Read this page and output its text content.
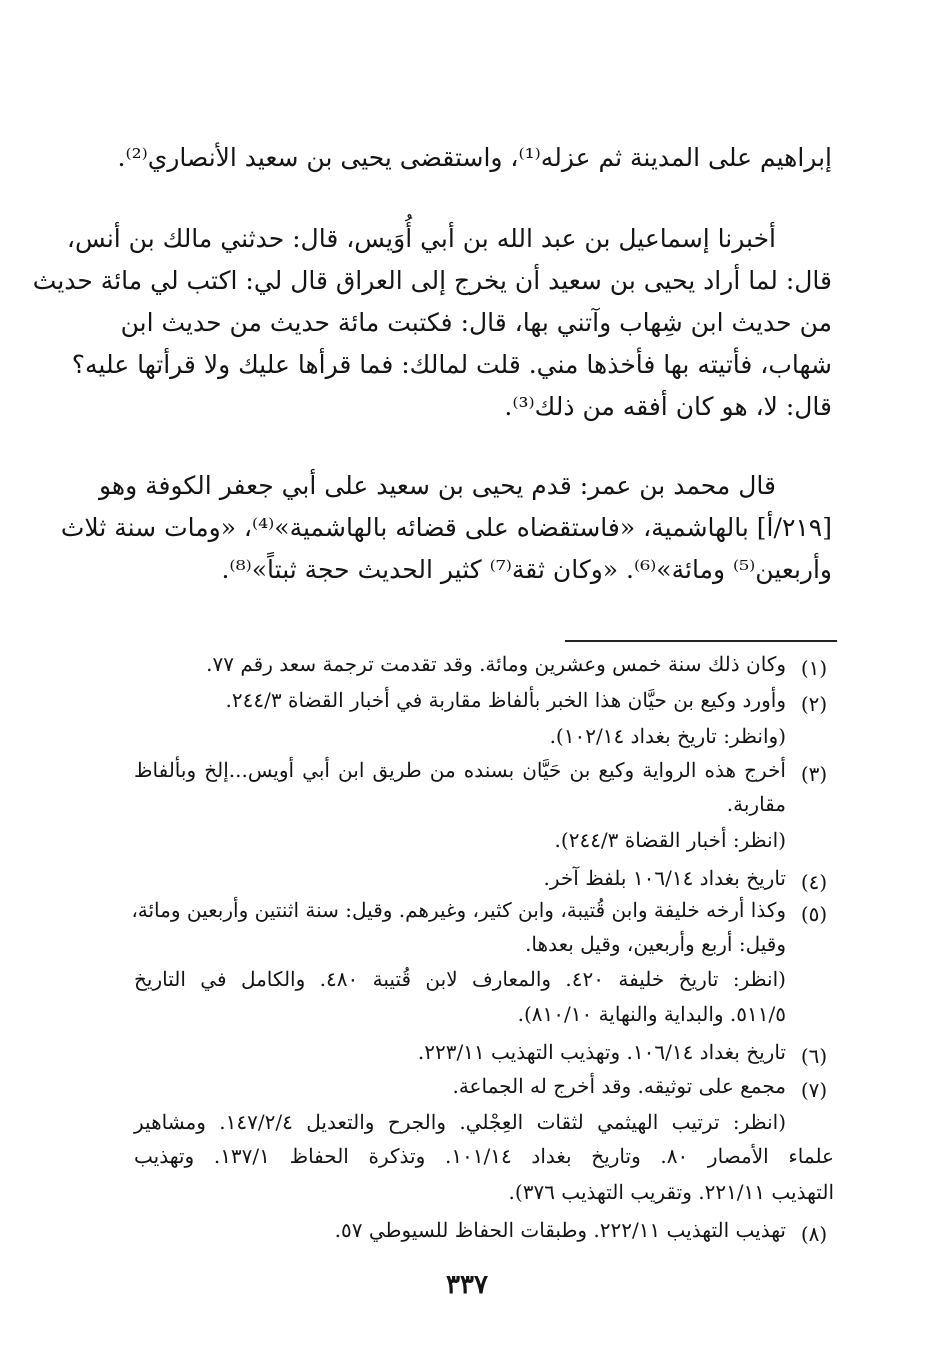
إبراهيم على المدينة ثم عزله⁽¹⁾، واستقضى يحيى بن سعيد الأنصاري⁽²⁾.
أخبرنا إسماعيل بن عبد الله بن أبي أُوَيس، قال: حدثني مالك بن أنس،
قال: لما أراد يحيى بن سعيد أن يخرج إلى العراق قال لي: اكتب لي مائة حديث
من حديث ابن شِهاب وآتني بها، قال: فكتبت مائة حديث من حديث ابن
شهاب، فأتيته بها فأخذها مني. قلت لمالك: فما قرأها عليك ولا قرأتها عليه؟
قال: لا، هو كان أفقه من ذلك⁽³⁾.
قال محمد بن عمر: قدم يحيى بن سعيد على أبي جعفر الكوفة وهو
[٢١٩/أ] بالهاشمية، «فاستقضاه على قضائه بالهاشمية»⁽⁴⁾، «ومات سنة ثلاث
وأربعين⁽⁵⁾ ومائة»⁽⁶⁾. «وكان ثقة⁽⁷⁾ كثير الحديث حجة ثبتاً»⁽⁸⁾.
(١)
وكان ذلك سنة خمس وعشرين ومائة. وقد تقدمت ترجمة سعد رقم ٧٧.
(٢)
وأورد وكيع بن حيَّان هذا الخبر بألفاظ مقاربة في أخبار القضاة ٢٤٤/٣.
(وانظر: تاريخ بغداد ١٠٢/١٤).
(٣)
أخرج هذه الرواية وكيع بن حَيَّان بسنده من طريق ابن أبي أويس...إلخ وبألفاظ
مقاربة.
(انظر: أخبار القضاة ٢٤٤/٣).
(٤)
تاريخ بغداد ١٠٦/١٤ بلفظ آخر.
(٥)
وكذا أرخه خليفة وابن قُتيبة، وابن كثير، وغيرهم. وقيل: سنة اثنتين وأربعين ومائة،
وقيل: أربع وأربعين، وقيل بعدها.
(انظر: تاريخ خليفة ٤٢٠. والمعارف لابن قُتيبة ٤٨٠. والكامل في التاريخ
٥١١/٥. والبداية والنهاية ٨١٠/١٠).
(٦)
تاريخ بغداد ١٠٦/١٤. وتهذيب التهذيب ٢٢٣/١١.
(٧)
مجمع على توثيقه. وقد أخرج له الجماعة.
(انظر: ترتيب الهيثمي لثقات العِجْلي. والجرح والتعديل ١٤٧/٢/٤. ومشاهير
علماء الأمصار ٨٠. وتاريخ بغداد ١٠١/١٤. وتذكرة الحفاظ ١٣٧/١. وتهذيب
التهذيب ٢٢١/١١. وتقريب التهذيب ٣٧٦).
(٨)
تهذيب التهذيب ٢٢٢/١١. وطبقات الحفاظ للسيوطي ٥٧.
٣٣٧
